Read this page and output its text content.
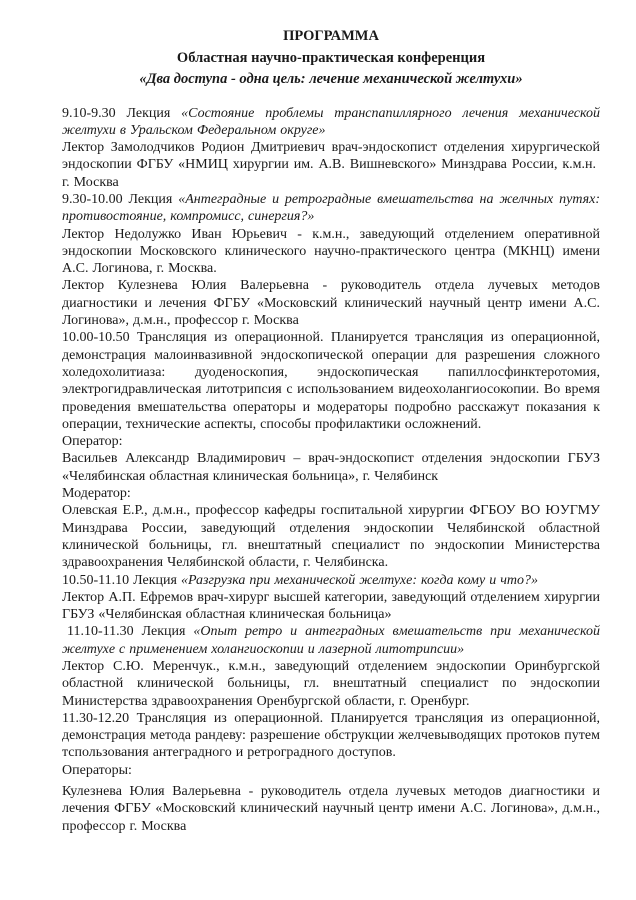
ПРОГРАММА
Областная научно-практическая конференция
«Два доступа - одна цель: лечение механической желтухи»

9.10-9.30 Лекция «Состояние проблемы транспапиллярного лечения механической желтухи в Уральском Федеральном округе»

Лектор Замолодчиков Родион Дмитриевич врач-эндоскопист отделения хирургической эндоскопии ФГБУ «НМИЦ хирургии им. А.В. Вишневского» Минздрава России, к.м.н.  г. Москва

9.30-10.00 Лекция «Антеградные и ретроградные вмешательства на желчных путях: противостояние, компромисс, синергия?»

Лектор Недолужко Иван Юрьевич - к.м.н., заведующий отделением оперативной эндоскопии Московского клинического научно-практического центра (МКНЦ) имени А.С. Логинова, г. Москва.

Лектор Кулезнева Юлия Валерьевна - руководитель отдела лучевых методов диагностики и лечения ФГБУ «Московский клинический научный центр имени А.С. Логинова», д.м.н., профессор г. Москва

10.00-10.50 Трансляция из операционной. Планируется трансляция из операционной, демонстрация малоинвазивной эндоскопической операции для разрешения сложного холедохолитиаза: дуоденоскопия, эндоскопическая папиллосфинктеротомия, электрогидравлическая литотрипсия с использованием видеохолангиосокопии. Во время проведения вмешательства операторы и модераторы подробно расскажут показания к операции, технические аспекты, способы профилактики осложнений.

Оператор:

Васильев Александр Владимирович – врач-эндоскопист отделения эндоскопии ГБУЗ «Челябинская областная клиническая больница», г. Челябинск

Модератор:

Олевская Е.Р., д.м.н., профессор кафедры госпитальной хирургии ФГБОУ ВО ЮУГМУ Минздрава России, заведующий отделения эндоскопии Челябинской областной клинической больницы, гл. внештатный специалист по эндоскопии Министерства здравоохранения Челябинской области, г. Челябинска.

10.50-11.10 Лекция «Разгрузка при механической желтухе: когда кому и что?»

Лектор А.П. Ефремов врач-хирург высшей категории, заведующий отделением хирургии ГБУЗ «Челябинская областная клиническая больница»

11.10-11.30 Лекция «Опыт ретро и антеградных вмешательств при механической желтухе с применением холангиоскопии и лазерной литотрипсии»

Лектор С.Ю. Меренчук., к.м.н., заведующий отделением эндоскопии Оринбургской областной клинической больницы, гл. внештатный специалист по эндоскопии Министерства здравоохранения Оренбургской области, г. Оренбург.

11.30-12.20 Трансляция из операционной. Планируется трансляция из операционной, демонстрация метода рандеву: разрешение обструкции желчевыводящих протоков путем тспользования антеградного и ретроградного доступов.

Операторы:

Кулезнева Юлия Валерьевна - руководитель отдела лучевых методов диагностики и лечения ФГБУ «Московский клинический научный центр имени А.С. Логинова», д.м.н., профессор г. Москва
